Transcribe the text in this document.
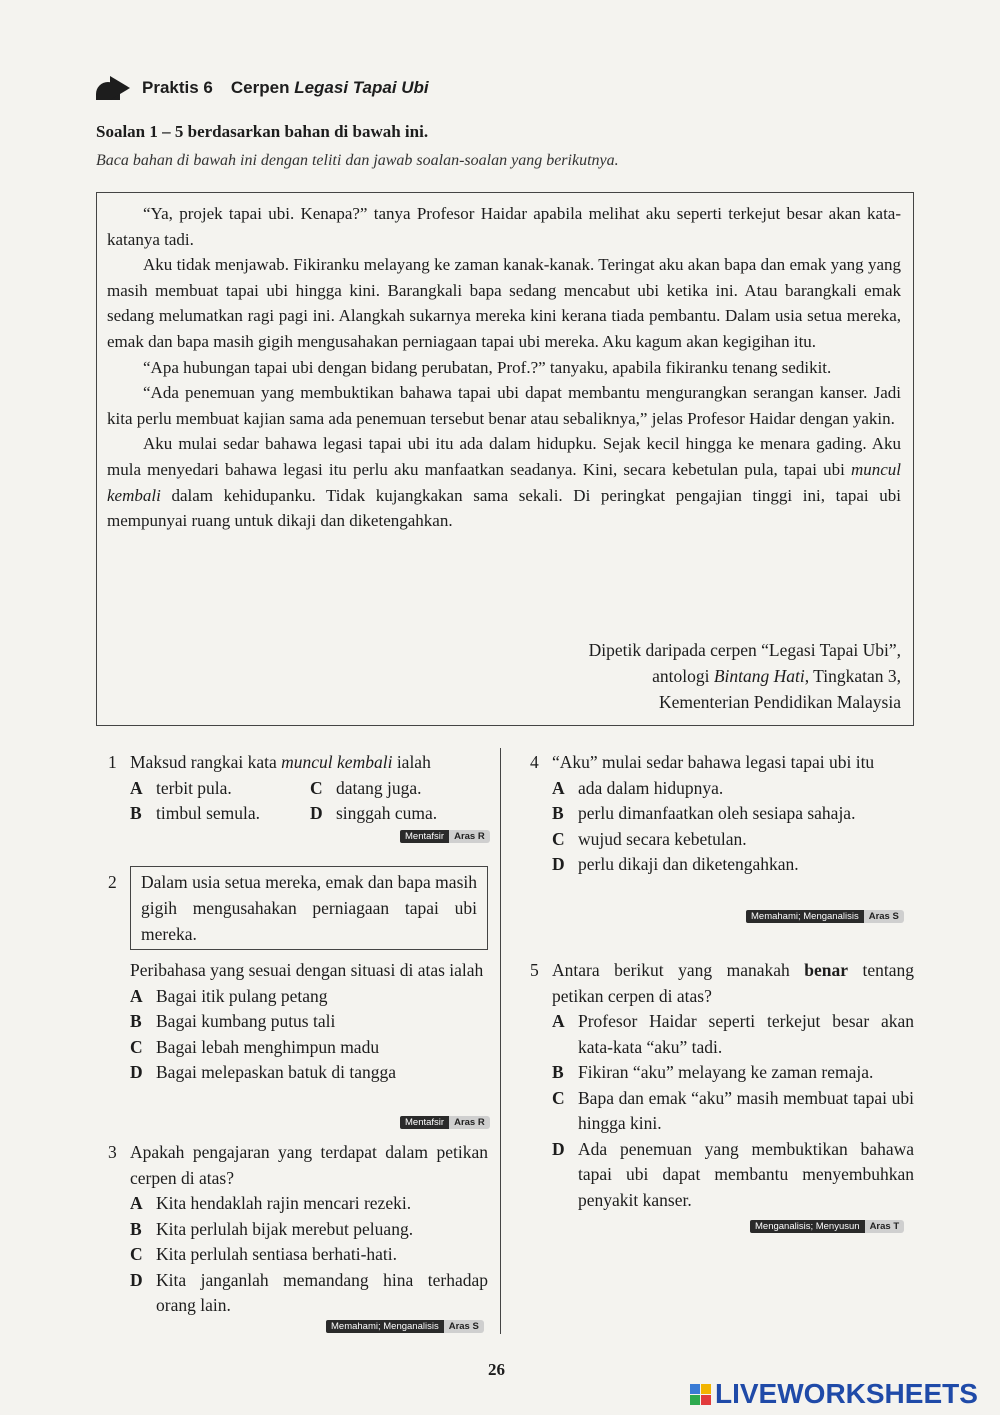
Praktis 6 Cerpen Legasi Tapai Ubi
Soalan 1 – 5 berdasarkan bahan di bawah ini.
Baca bahan di bawah ini dengan teliti dan jawab soalan-soalan yang berikutnya.

“Ya, projek tapai ubi. Kenapa?” tanya Profesor Haidar apabila melihat aku seperti terkejut besar akan kata-katanya tadi.

Aku tidak menjawab. Fikiranku melayang ke zaman kanak-kanak. Teringat aku akan bapa dan emak yang yang masih membuat tapai ubi hingga kini. Barangkali bapa sedang mencabut ubi ketika ini. Atau barangkali emak sedang melumatkan ragi pagi ini. Alangkah sukarnya mereka kini kerana tiada pembantu. Dalam usia setua mereka, emak dan bapa masih gigih mengusahakan perniagaan tapai ubi mereka. Aku kagum akan kegigihan itu.

“Apa hubungan tapai ubi dengan bidang perubatan, Prof.?” tanyaku, apabila fikiranku tenang sedikit.

“Ada penemuan yang membuktikan bahawa tapai ubi dapat membantu mengurangkan serangan kanser. Jadi kita perlu membuat kajian sama ada penemuan tersebut benar atau sebaliknya,” jelas Profesor Haidar dengan yakin.

Aku mulai sedar bahawa legasi tapai ubi itu ada dalam hidupku. Sejak kecil hingga ke menara gading. Aku mula menyedari bahawa legasi itu perlu aku manfaatkan seadanya. Kini, secara kebetulan pula, tapai ubi muncul kembali dalam kehidupanku. Tidak kujangkakan sama sekali. Di peringkat pengajian tinggi ini, tapai ubi mempunyai ruang untuk dikaji dan diketengahkan.

Dipetik daripada cerpen “Legasi Tapai Ubi”,
antologi Bintang Hati, Tingkatan 3,
Kementerian Pendidikan Malaysia
1 Maksud rangkai kata muncul kembali ialah
A terbit pula.	C datang juga.
B timbul semula.	D singgah cuma.
Mentafsir	Aras R
2	Dalam usia setua mereka, emak dan bapa masih gigih mengusahakan perniagaan tapai ubi mereka.
Peribahasa yang sesuai dengan situasi di atas ialah
A Bagai itik pulang petang
B Bagai kumbang putus tali
C Bagai lebah menghimpun madu
D Bagai melepaskan batuk di tangga
Mentafsir	Aras R
3 Apakah pengajaran yang terdapat dalam petikan cerpen di atas?
A Kita hendaklah rajin mencari rezeki.
B Kita perlulah bijak merebut peluang.
C Kita perlulah sentiasa berhati-hati.
D Kita janganlah memandang hina terhadap orang lain.
Memahami; Menganalisis	Aras S
4 “Aku” mulai sedar bahawa legasi tapai ubi itu
A ada dalam hidupnya.
B perlu dimanfaatkan oleh sesiapa sahaja.
C wujud secara kebetulan.
D perlu dikaji dan diketengahkan.
Memahami; Menganalisis	Aras S
5 Antara berikut yang manakah benar tentang petikan cerpen di atas?
A Profesor Haidar seperti terkejut besar akan kata-kata “aku” tadi.
B Fikiran “aku” melayang ke zaman remaja.
C Bapa dan emak “aku” masih membuat tapai ubi hingga kini.
D Ada penemuan yang membuktikan bahawa tapai ubi dapat membantu menyembuhkan penyakit kanser.
Menganalisis; Menyusun	Aras T
26
LIVEWORKSHEETS
